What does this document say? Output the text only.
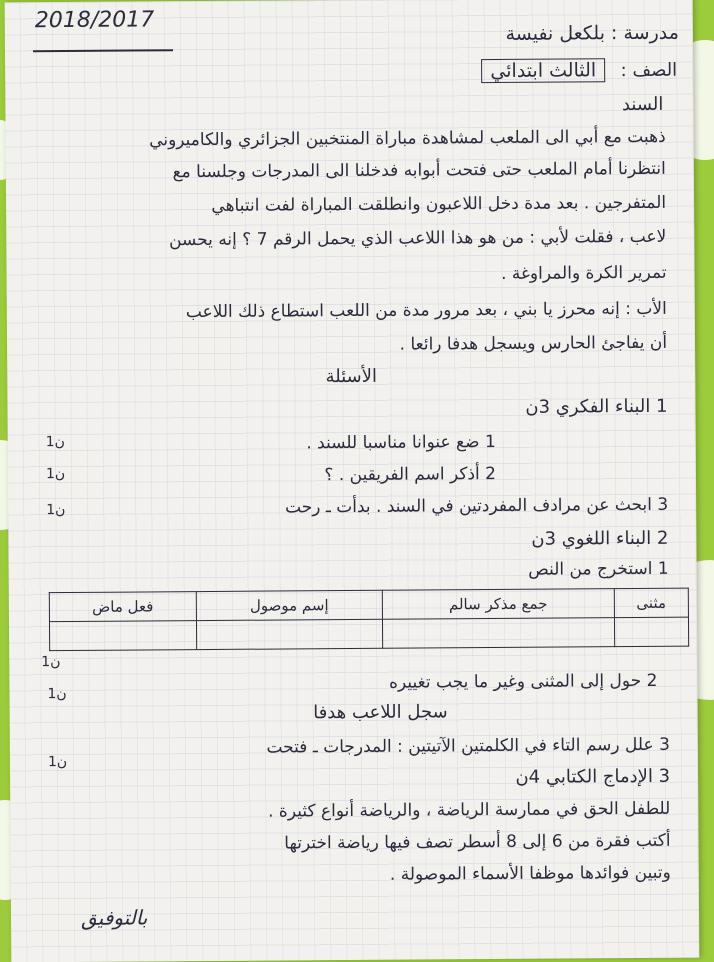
2018/2017
مدرسة : بلكعل نفيسة
الصف :
الثالث ابتدائي
السند
ذهبت مع أبي الى الملعب لمشاهدة مباراة المنتخبين الجزائري والكاميروني
انتظرنا أمام الملعب حتى فتحت أبوابه فدخلنا الى المدرجات وجلسنا مع
المتفرجين . بعد مدة دخل اللاعبون وانطلقت المباراة لفت انتباهي
لاعب ، فقلت لأبي : من هو هذا اللاعب الذي يحمل الرقم 7 ؟ إنه يحسن
تمرير الكرة والمراوغة .
الأب : إنه محرز يا بني ، بعد مرور مدة من اللعب استطاع ذلك اللاعب
أن يفاجئ الحارس ويسجل هدفا رائعا .
الأسئلة
1 البناء الفكري 3ن
1 ضع عنوانا مناسبا للسند .
1ن
2 أذكر اسم الفريقين . ؟
1ن
3 ابحث عن مرادف المفردتين في السند . بدأت ـ رحت
1ن
2 البناء اللغوي 3ن
1 استخرج من النص
مثنى	جمع مذكر سالم	إسم موصول	فعل ماض

1ن
2 حول إلى المثنى وغير ما يجب تغييره
1ن
سجل اللاعب هدفا
3 علل رسم التاء في الكلمتين الآتيتين : المدرجات ـ فتحت
1ن
3 الإدماج الكتابي 4ن
للطفل الحق في ممارسة الرياضة ، والرياضة أنواع كثيرة .
أكتب فقرة من 6 إلى 8 أسطر تصف فيها رياضة اخترتها
وتبين فوائدها موظفا الأسماء الموصولة .
بالتوفيق
